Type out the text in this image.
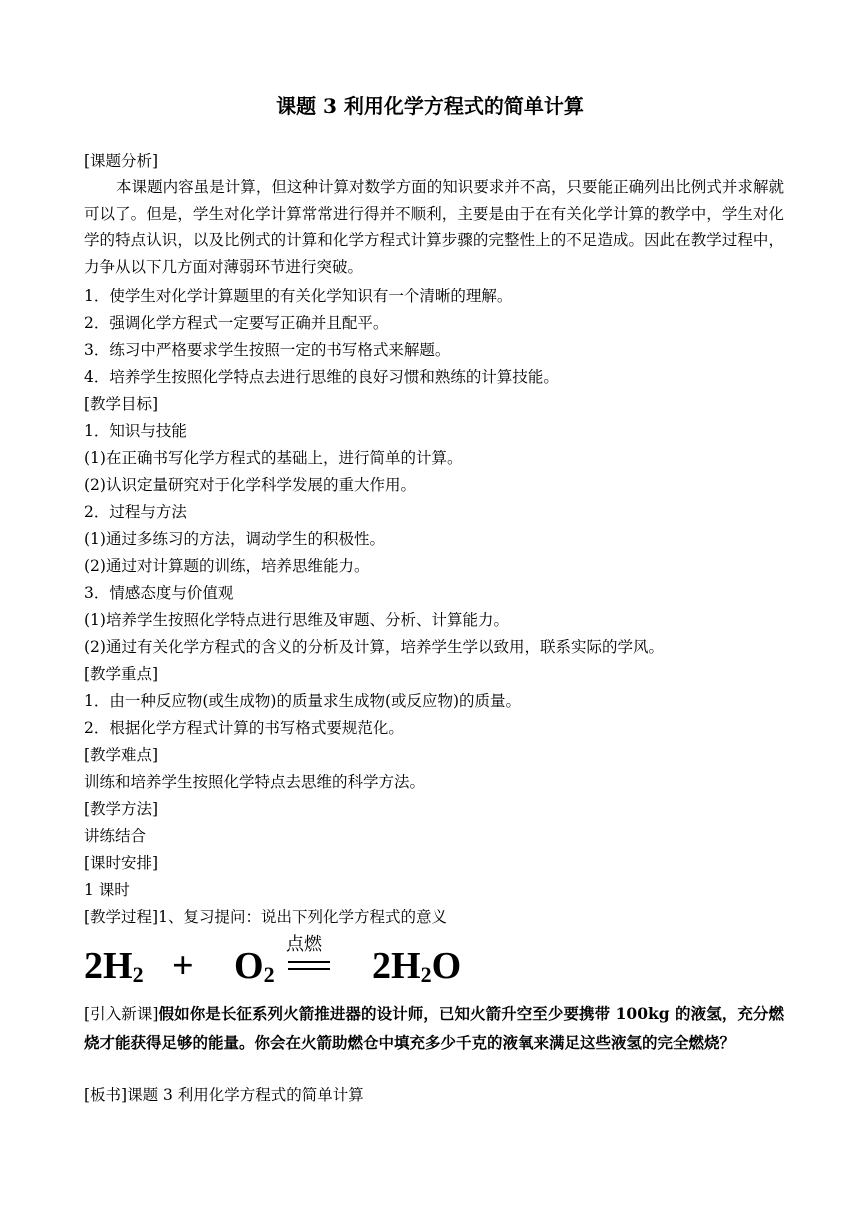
课题 3 利用化学方程式的简单计算
[课题分析]
本课题内容虽是计算，但这种计算对数学方面的知识要求并不高，只要能正确列出比例式并求解就可以了。但是，学生对化学计算常常进行得并不顺利，主要是由于在有关化学计算的教学中，学生对化学的特点认识，以及比例式的计算和化学方程式计算步骤的完整性上的不足造成。因此在教学过程中，力争从以下几方面对薄弱环节进行突破。
1．使学生对化学计算题里的有关化学知识有一个清晰的理解。
2．强调化学方程式一定要写正确并且配平。
3．练习中严格要求学生按照一定的书写格式来解题。
4．培养学生按照化学特点去进行思维的良好习惯和熟练的计算技能。
[教学目标]
1．知识与技能
(1)在正确书写化学方程式的基础上，进行简单的计算。
(2)认识定量研究对于化学科学发展的重大作用。
2．过程与方法
(1)通过多练习的方法，调动学生的积极性。
(2)通过对计算题的训练，培养思维能力。
3．情感态度与价值观
(1)培养学生按照化学特点进行思维及审题、分析、计算能力。
(2)通过有关化学方程式的含义的分析及计算，培养学生学以致用，联系实际的学风。
[教学重点]
1．由一种反应物(或生成物)的质量求生成物(或反应物)的质量。
2．根据化学方程式计算的书写格式要规范化。
[教学难点]
训练和培养学生按照化学特点去思维的科学方法。
[教学方法]
讲练结合
[课时安排]
1 课时
[教学过程]1、复习提问：说出下列化学方程式的意义
$2H_2 + O_2$
点燃
$2H_2O$
[引入新课]假如你是长征系列火箭推进器的设计师，已知火箭升空至少要携带 100kg 的液氢，充分燃烧才能获得足够的能量。你会在火箭助燃仓中填充多少千克的液氧来满足这些液氢的完全燃烧？
[板书]课题 3 利用化学方程式的简单计算
